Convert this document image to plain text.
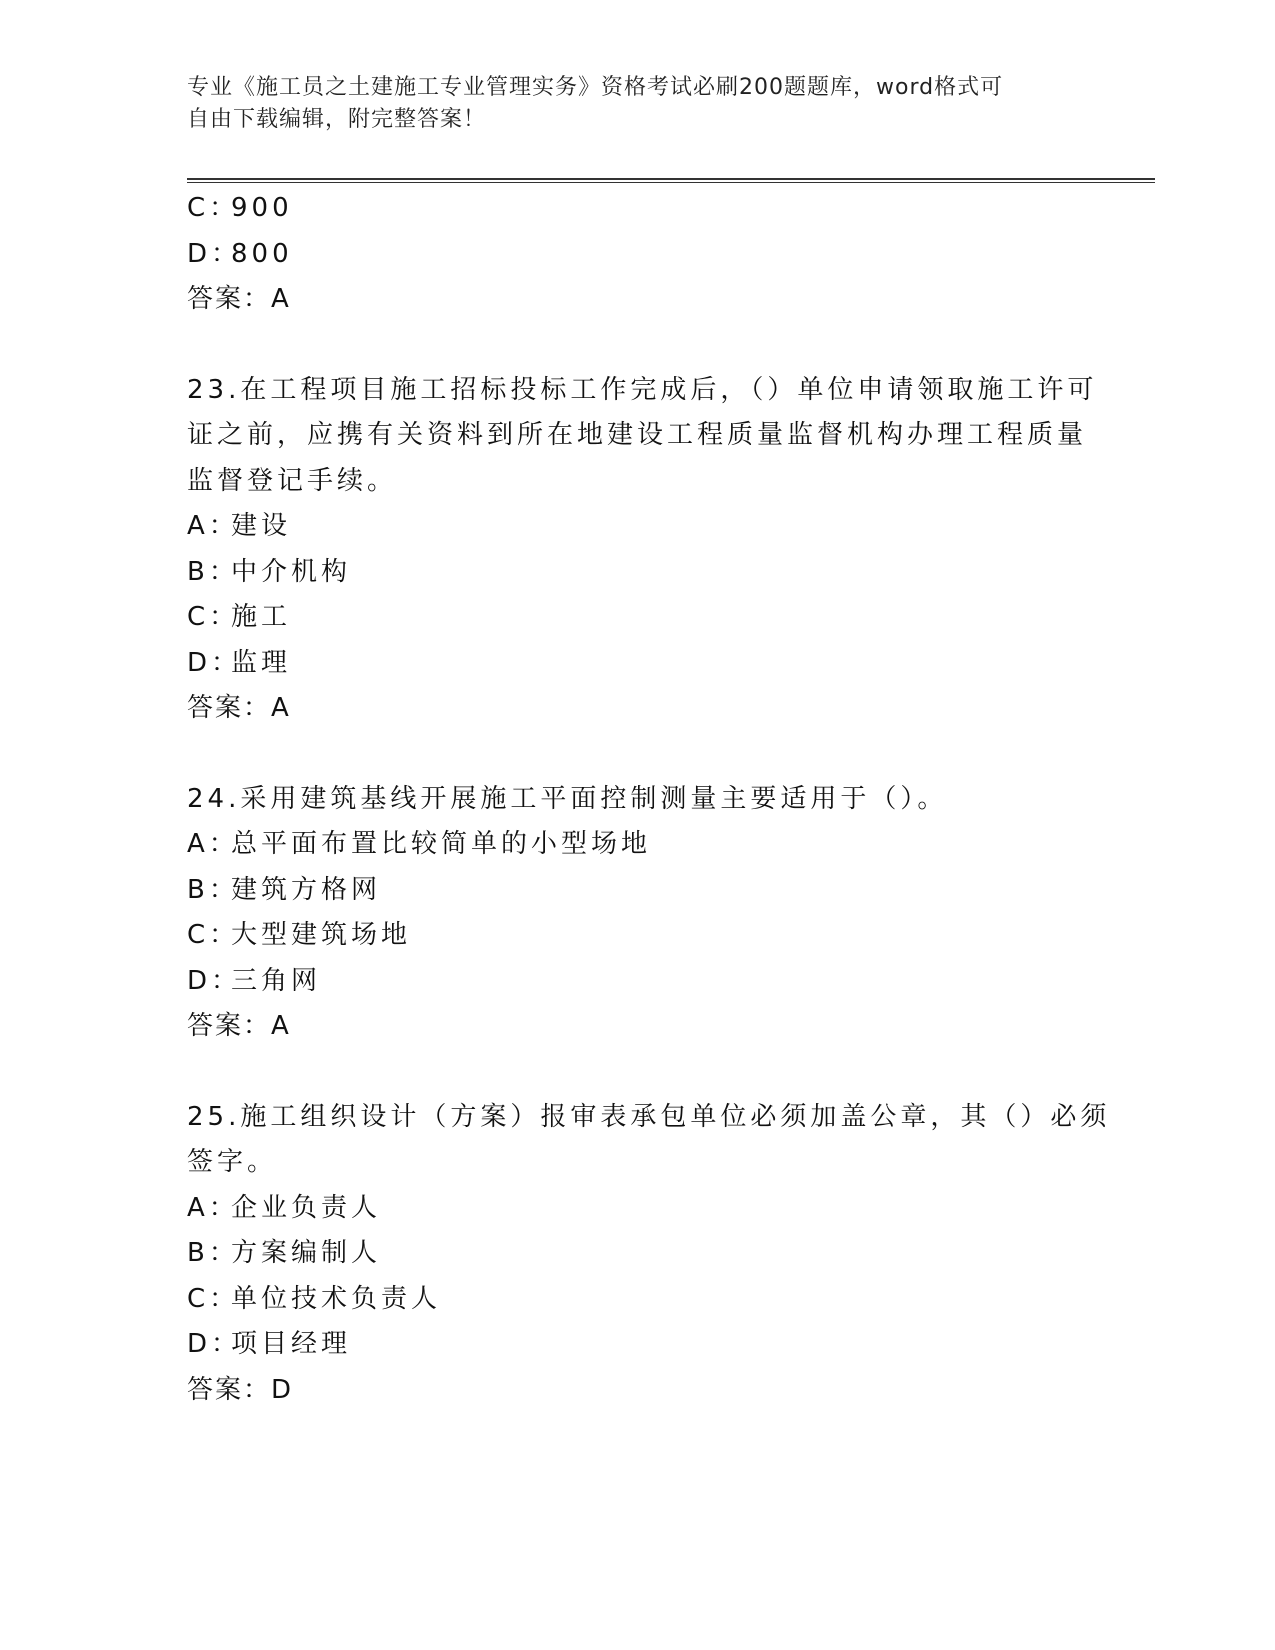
专业《施工员之土建施工专业管理实务》资格考试必刷200题题库，word格式可
自由下载编辑，附完整答案！
C：900
D：800
答案：A
23.在工程项目施工招标投标工作完成后，（）单位申请领取施工许可
证之前，应携有关资料到所在地建设工程质量监督机构办理工程质量
监督登记手续。
A：建设
B：中介机构
C：施工
D：监理
答案：A
24.采用建筑基线开展施工平面控制测量主要适用于（）。
A：总平面布置比较简单的小型场地
B：建筑方格网
C：大型建筑场地
D：三角网
答案：A
25.施工组织设计（方案）报审表承包单位必须加盖公章，其（）必须
签字。
A：企业负责人
B：方案编制人
C：单位技术负责人
D：项目经理
答案：D
